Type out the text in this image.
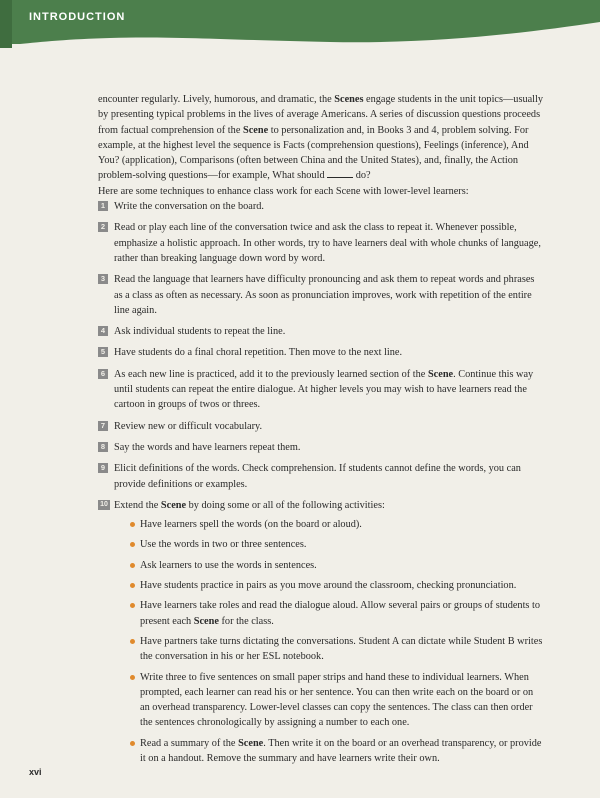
INTRODUCTION

encounter regularly. Lively, humorous, and dramatic, the Scenes engage students in the unit topics—usually by presenting typical problems in the lives of average Americans. A series of discussion questions proceeds from factual comprehension of the Scene to personalization and, in Books 3 and 4, problem solving. For example, at the highest level the sequence is Facts (comprehension questions), Feelings (inference), And You? (application), Comparisons (often between China and the United States), and, finally, the Action problem-solving questions—for example, What should	do?

Here are some techniques to enhance class work for each Scene with lower-level learners:

1 Write the conversation on the board.
2 Read or play each line of the conversation twice and ask the class to repeat it. Whenever possible, emphasize a holistic approach. In other words, try to have learners deal with whole chunks of language, rather than breaking language down word by word.
3 Read the language that learners have difficulty pronouncing and ask them to repeat words and phrases as a class as often as necessary. As soon as pronunciation improves, work with repetition of the entire line again.
4 Ask individual students to repeat the line.
5 Have students do a final choral repetition. Then move to the next line.
6 As each new line is practiced, add it to the previously learned section of the Scene. Continue this way until students can repeat the entire dialogue. At higher levels you may wish to have learners read the cartoon in groups of twos or threes.
7 Review new or difficult vocabulary.
8 Say the words and have learners repeat them.
9 Elicit definitions of the words. Check comprehension. If students cannot define the words, you can provide definitions or examples.
10 Extend the Scene by doing some or all of the following activities:
Have learners spell the words (on the board or aloud).
Use the words in two or three sentences.
Ask learners to use the words in sentences.
Have students practice in pairs as you move around the classroom, checking pronunciation.
Have learners take roles and read the dialogue aloud. Allow several pairs or groups of students to present each Scene for the class.
Have partners take turns dictating the conversations. Student A can dictate while Student B writes the conversation in his or her ESL notebook.
Write three to five sentences on small paper strips and hand these to individual learners. When prompted, each learner can read his or her sentence. You can then write each on the board or on an overhead transparency. Lower-level classes can copy the sentences. The class can then order the sentences chronologically by assigning a number to each one.
Read a summary of the Scene. Then write it on the board or an overhead transparency, or provide it on a handout. Remove the summary and have learners write their own.
xvi
